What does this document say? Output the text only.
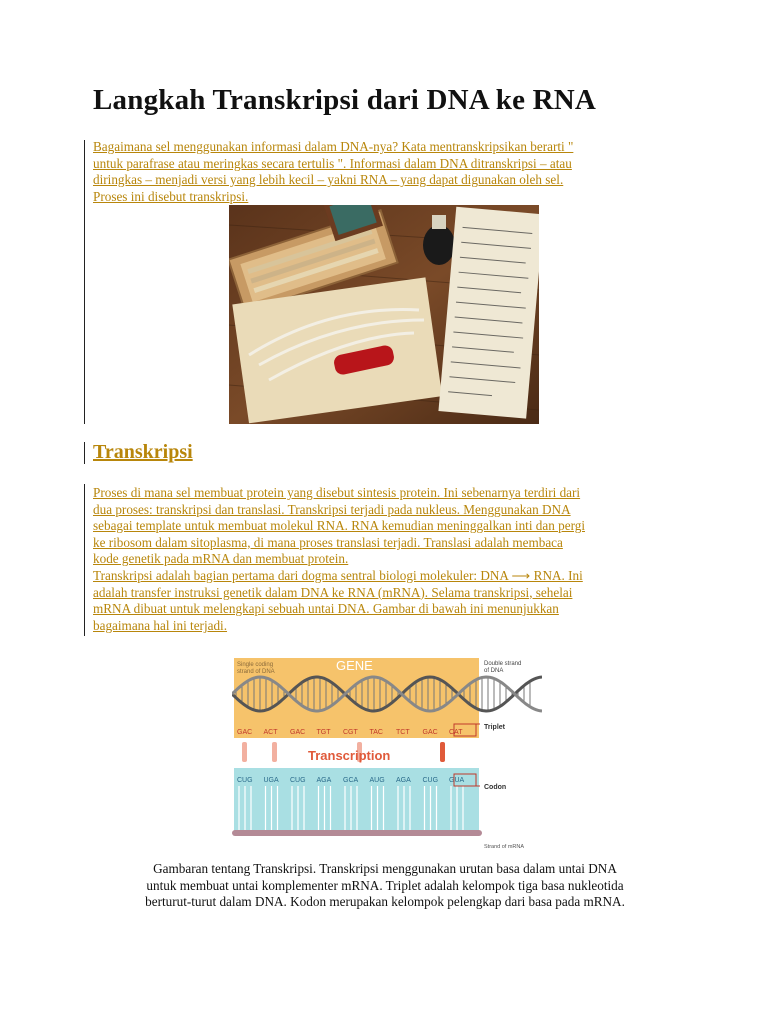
Langkah Transkripsi dari DNA ke RNA

Bagaimana sel menggunakan informasi dalam DNA-nya? Kata mentranskripsikan berarti "
untuk parafrase atau meringkas secara tertulis ". Informasi dalam DNA ditranskripsi – atau
diringkas – menjadi versi yang lebih kecil – yakni RNA – yang dapat digunakan oleh sel.
Proses ini disebut transkripsi.

Transkripsi

Proses di mana sel membuat protein yang disebut sintesis protein. Ini sebenarnya terdiri dari
dua proses: transkripsi dan translasi. Transkripsi terjadi pada nukleus. Menggunakan DNA
sebagai template untuk membuat molekul RNA. RNA kemudian meninggalkan inti dan pergi
ke ribosom dalam sitoplasma, di mana proses translasi terjadi. Translasi adalah membaca
kode genetik pada mRNA dan membuat protein.
Transkripsi adalah bagian pertama dari dogma sentral biologi molekuler: DNA ⟶ RNA. Ini
adalah transfer instruksi genetik dalam DNA ke RNA (mRNA). Selama transkripsi, sehelai
mRNA dibuat untuk melengkapi sebuah untai DNA. Gambar di bawah ini menunjukkan
bagaimana hal ini terjadi.

GAC ACT GAC TGT CGT TAC TCT GAC CAT
CUG UGA CUG AGA GCA AUG AGA CUG GUA
Single coding
strand of DNA	GENE	Double strand
of DNA
Triplet
Transcription
Codon
Strand of mRNA

Gambaran tentang Transkripsi. Transkripsi menggunakan urutan basa dalam untai DNA
untuk membuat untai komplementer mRNA. Triplet adalah kelompok tiga basa nukleotida
berturut-turut dalam DNA. Kodon merupakan kelompok pelengkap dari basa pada mRNA.
